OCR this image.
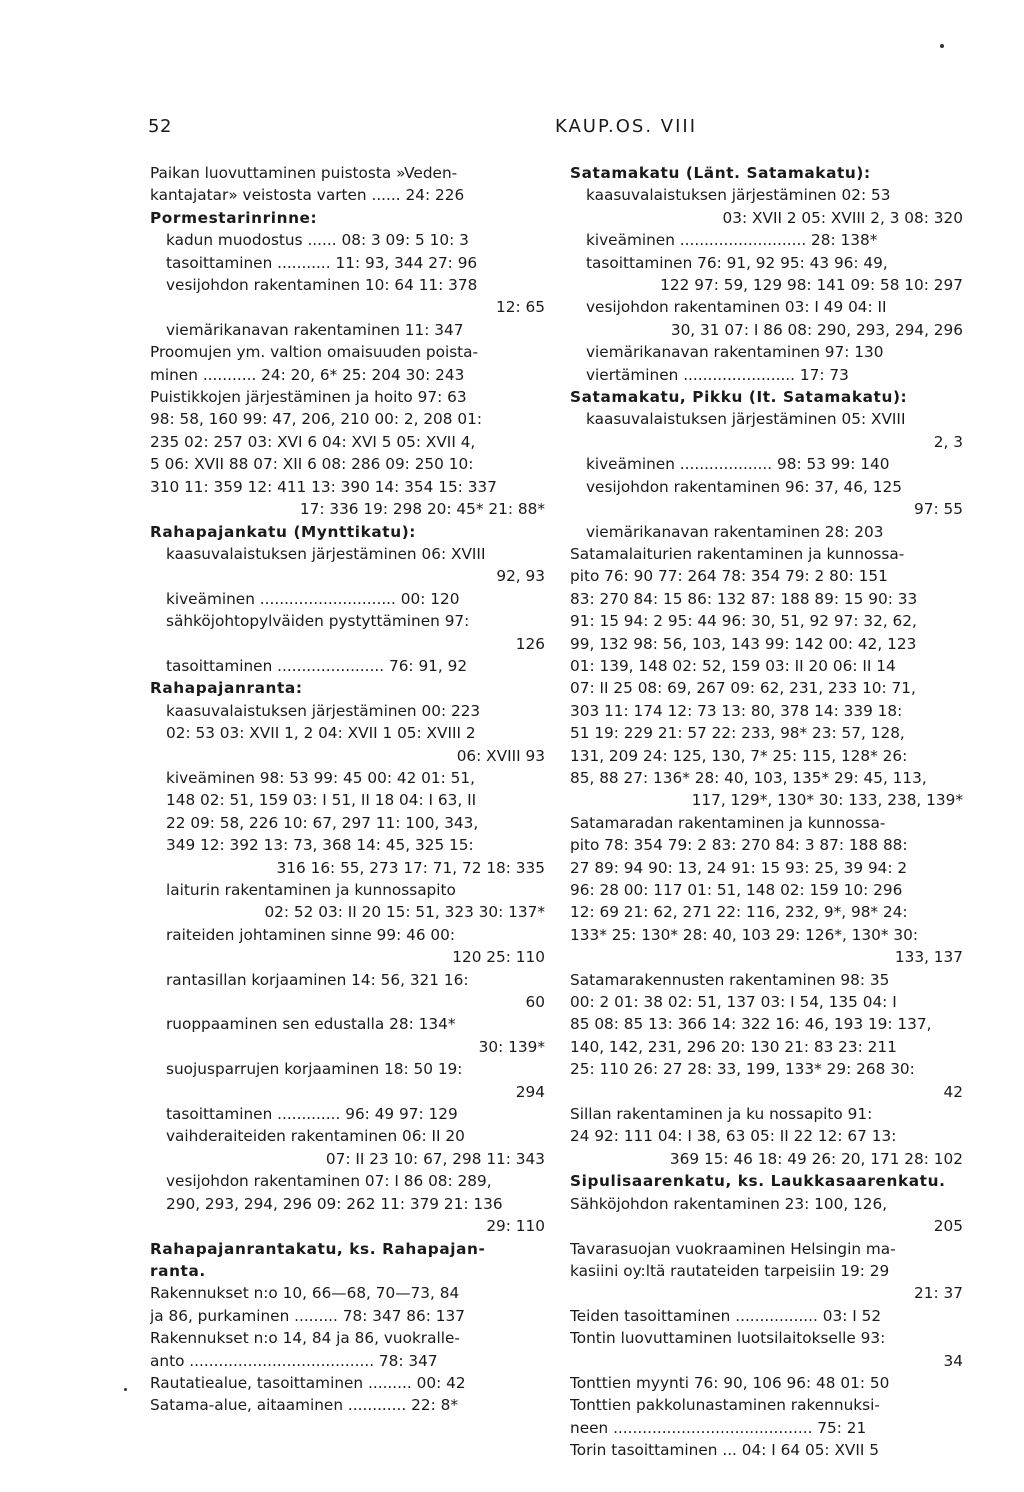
52	KAUP.OS. VIII
Paikan luovuttaminen puistosta »Veden-
kantajatar» veistosta varten ...... 24: 226
Pormestarinrinne:
kadun muodostus ...... 08: 3 09: 5 10: 3
tasoittaminen ........... 11: 93, 344 27: 96
vesijohdon rakentaminen 10: 64 11: 378
12: 65
viemärikanavan rakentaminen 11: 347
Proomujen ym. valtion omaisuuden poista-
minen ........... 24: 20, 6* 25: 204 30: 243
Puistikkojen järjestäminen ja hoito 97: 63
98: 58, 160 99: 47, 206, 210 00: 2, 208 01:
235 02: 257 03: XVI 6 04: XVI 5 05: XVII 4,
5 06: XVII 88 07: XII 6 08: 286 09: 250 10:
310 11: 359 12: 411 13: 390 14: 354 15: 337
17: 336 19: 298 20: 45* 21: 88*
Rahapajankatu (Mynttikatu):
kaasuvalaistuksen järjestäminen 06: XVIII
92, 93
kiveäminen ............................ 00: 120
sähköjohtopylväiden pystyttäminen 97:
126
tasoittaminen ...................... 76: 91, 92
Rahapajanranta:
kaasuvalaistuksen järjestäminen 00: 223
02: 53 03: XVII 1, 2 04: XVII 1 05: XVIII 2
06: XVIII 93
kiveäminen 98: 53 99: 45 00: 42 01: 51,
148 02: 51, 159 03: I 51, II 18 04: I 63, II
22 09: 58, 226 10: 67, 297 11: 100, 343,
349 12: 392 13: 73, 368 14: 45, 325 15:
316 16: 55, 273 17: 71, 72 18: 335
laiturin rakentaminen ja kunnossapito
02: 52 03: II 20 15: 51, 323 30: 137*
raiteiden johtaminen sinne 99: 46 00:
120 25: 110
rantasillan korjaaminen 14: 56, 321 16:
60
ruoppaaminen sen edustalla 28: 134*
30: 139*
suojusparrujen korjaaminen 18: 50 19:
294
tasoittaminen ............. 96: 49 97: 129
vaihderaiteiden rakentaminen 06: II 20
07: II 23 10: 67, 298 11: 343
vesijohdon rakentaminen 07: I 86 08: 289,
290, 293, 294, 296 09: 262 11: 379 21: 136
29: 110
Rahapajanrantakatu, ks. Rahapajan-
ranta.
Rakennukset n:o 10, 66—68, 70—73, 84
ja 86, purkaminen ......... 78: 347 86: 137
Rakennukset n:o 14, 84 ja 86, vuokralle-
anto ...................................... 78: 347
Rautatiealue, tasoittaminen ......... 00: 42
Satama-alue, aitaaminen ............ 22: 8*
Satamakatu (Länt. Satamakatu):
kaasuvalaistuksen järjestäminen 02: 53
03: XVII 2 05: XVIII 2, 3 08: 320
kiveäminen .......................... 28: 138*
tasoittaminen 76: 91, 92 95: 43 96: 49,
122 97: 59, 129 98: 141 09: 58 10: 297
vesijohdon rakentaminen 03: I 49 04: II
30, 31 07: I 86 08: 290, 293, 294, 296
viemärikanavan rakentaminen 97: 130
viertäminen ....................... 17: 73
Satamakatu, Pikku (It. Satamakatu):
kaasuvalaistuksen järjestäminen 05: XVIII
2, 3
kiveäminen ................... 98: 53 99: 140
vesijohdon rakentaminen 96: 37, 46, 125
97: 55
viemärikanavan rakentaminen 28: 203
Satamalaiturien rakentaminen ja kunnossa-
pito 76: 90 77: 264 78: 354 79: 2 80: 151
83: 270 84: 15 86: 132 87: 188 89: 15 90: 33
91: 15 94: 2 95: 44 96: 30, 51, 92 97: 32, 62,
99, 132 98: 56, 103, 143 99: 142 00: 42, 123
01: 139, 148 02: 52, 159 03: II 20 06: II 14
07: II 25 08: 69, 267 09: 62, 231, 233 10: 71,
303 11: 174 12: 73 13: 80, 378 14: 339 18:
51 19: 229 21: 57 22: 233, 98* 23: 57, 128,
131, 209 24: 125, 130, 7* 25: 115, 128* 26:
85, 88 27: 136* 28: 40, 103, 135* 29: 45, 113,
117, 129*, 130* 30: 133, 238, 139*
Satamaradan rakentaminen ja kunnossa-
pito 78: 354 79: 2 83: 270 84: 3 87: 188 88:
27 89: 94 90: 13, 24 91: 15 93: 25, 39 94: 2
96: 28 00: 117 01: 51, 148 02: 159 10: 296
12: 69 21: 62, 271 22: 116, 232, 9*, 98* 24:
133* 25: 130* 28: 40, 103 29: 126*, 130* 30:
133, 137
Satamarakennusten rakentaminen 98: 35
00: 2 01: 38 02: 51, 137 03: I 54, 135 04: I
85 08: 85 13: 366 14: 322 16: 46, 193 19: 137,
140, 142, 231, 296 20: 130 21: 83 23: 211
25: 110 26: 27 28: 33, 199, 133* 29: 268 30:
42
Sillan rakentaminen ja ku nossapito 91:
24 92: 111 04: I 38, 63 05: II 22 12: 67 13:
369 15: 46 18: 49 26: 20, 171 28: 102
Sipulisaarenkatu, ks. Laukkasaarenkatu.
Sähköjohdon rakentaminen 23: 100, 126,
205
Tavarasuojan vuokraaminen Helsingin ma-
kasiini oy:ltä rautateiden tarpeisiin 19: 29
21: 37
Teiden tasoittaminen ................. 03: I 52
Tontin luovuttaminen luotsilaitokselle 93:
34
Tonttien myynti 76: 90, 106 96: 48 01: 50
Tonttien pakkolunastaminen rakennuksi-
neen ......................................... 75: 21
Torin tasoittaminen ... 04: I 64 05: XVII 5
